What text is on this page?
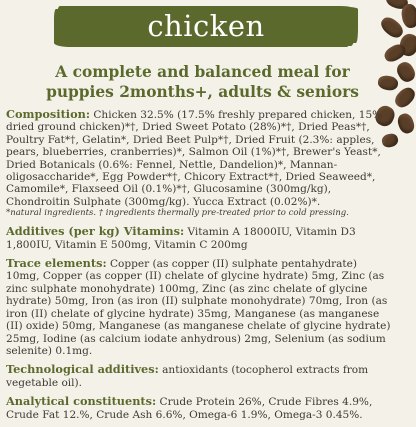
chicken
A complete and balanced meal for
puppies 2months+, adults & seniors

Composition: Chicken 32.5% (17.5% freshly prepared chicken, 15% dried ground chicken)*†, Dried Sweet Potato (28%)*†, Dried Peas*†, Poultry Fat*†, Gelatin*, Dried Beet Pulp*†, Dried Fruit (2.3%: apples, pears, blueberries, cranberries)*, Salmon Oil (1%)*†, Brewer's Yeast*, Dried Botanicals (0.6%: Fennel, Nettle, Dandelion)*, Mannan-oligosaccharide*, Egg Powder*†, Chicory Extract*†, Dried Seaweed*, Camomile*, Flaxseed Oil (0.1%)*†, Glucosamine (300mg/kg), Chondroitin Sulphate (300mg/kg). Yucca Extract (0.02%)*.

*natural ingredients. † ingredients thermally pre-treated prior to cold pressing.

Additives (per kg) Vitamins: Vitamin A 18000IU, Vitamin D3 1,800IU, Vitamin E 500mg, Vitamin C 200mg

Trace elements: Copper (as copper (II) sulphate pentahydrate) 10mg, Copper (as copper (II) chelate of glycine hydrate) 5mg, Zinc (as zinc sulphate monohydrate) 100mg, Zinc (as zinc chelate of glycine hydrate) 50mg, Iron (as iron (II) sulphate monohydrate) 70mg, Iron (as iron (II) chelate of glycine hydrate) 35mg, Manganese (as manganese (II) oxide) 50mg, Manganese (as manganese chelate of glycine hydrate) 25mg, Iodine (as calcium iodate anhydrous) 2mg, Selenium (as sodium selenite) 0.1mg.

Technological additives: antioxidants (tocopherol extracts from vegetable oil).

Analytical constituents: Crude Protein 26%, Crude Fibres 4.9%, Crude Fat 12.%, Crude Ash 6.6%, Omega-6 1.9%, Omega-3 0.45%.
